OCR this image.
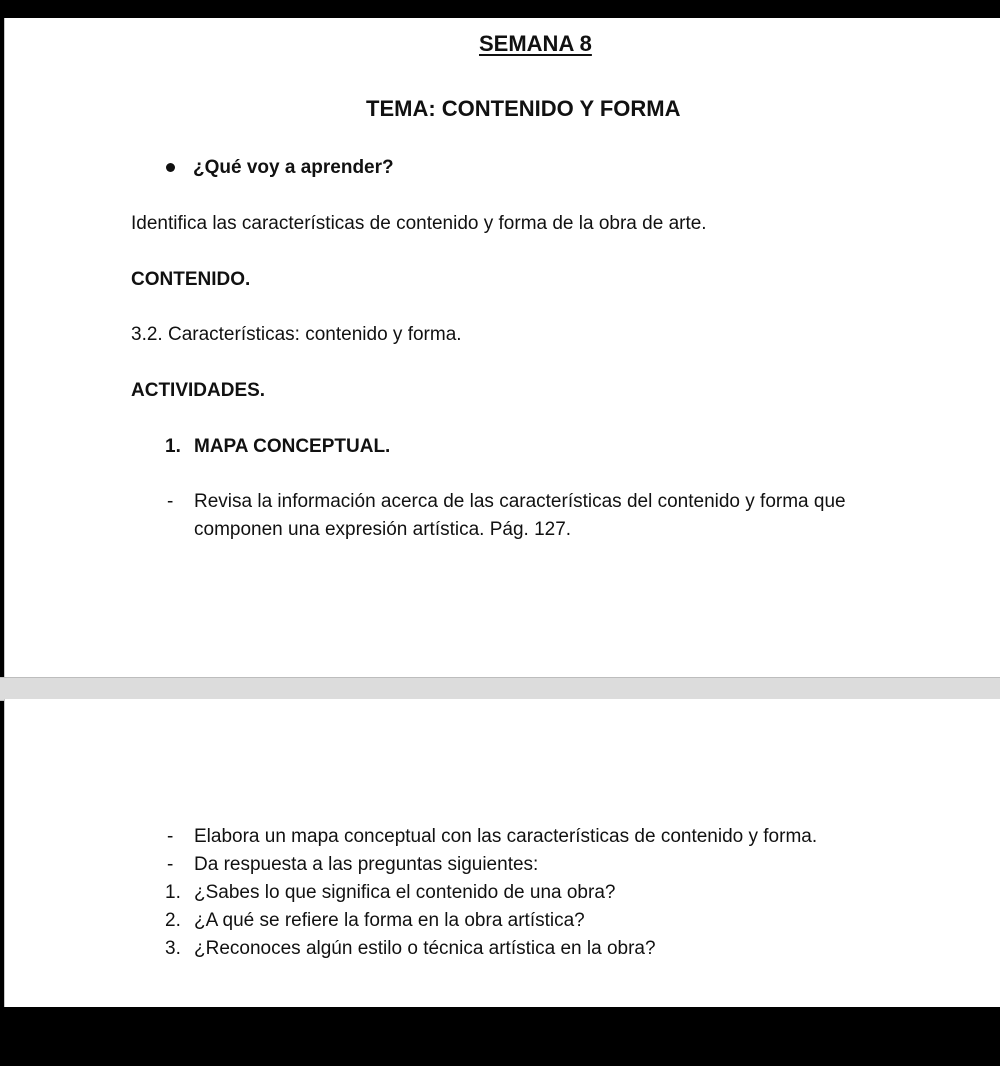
SEMANA 8
TEMA: CONTENIDO Y FORMA
¿Qué voy a aprender?
Identifica las características de contenido y forma de la obra de arte.
CONTENIDO.
3.2. Características: contenido y forma.
ACTIVIDADES.
1. MAPA CONCEPTUAL.
- Revisa la información acerca de las características del contenido y forma que
componen una expresión artística. Pág. 127.
- Elabora un mapa conceptual con las características de contenido y forma.
- Da respuesta a las preguntas siguientes:
1. ¿Sabes lo que significa el contenido de una obra?
2. ¿A qué se refiere la forma en la obra artística?
3. ¿Reconoces algún estilo o técnica artística en la obra?
